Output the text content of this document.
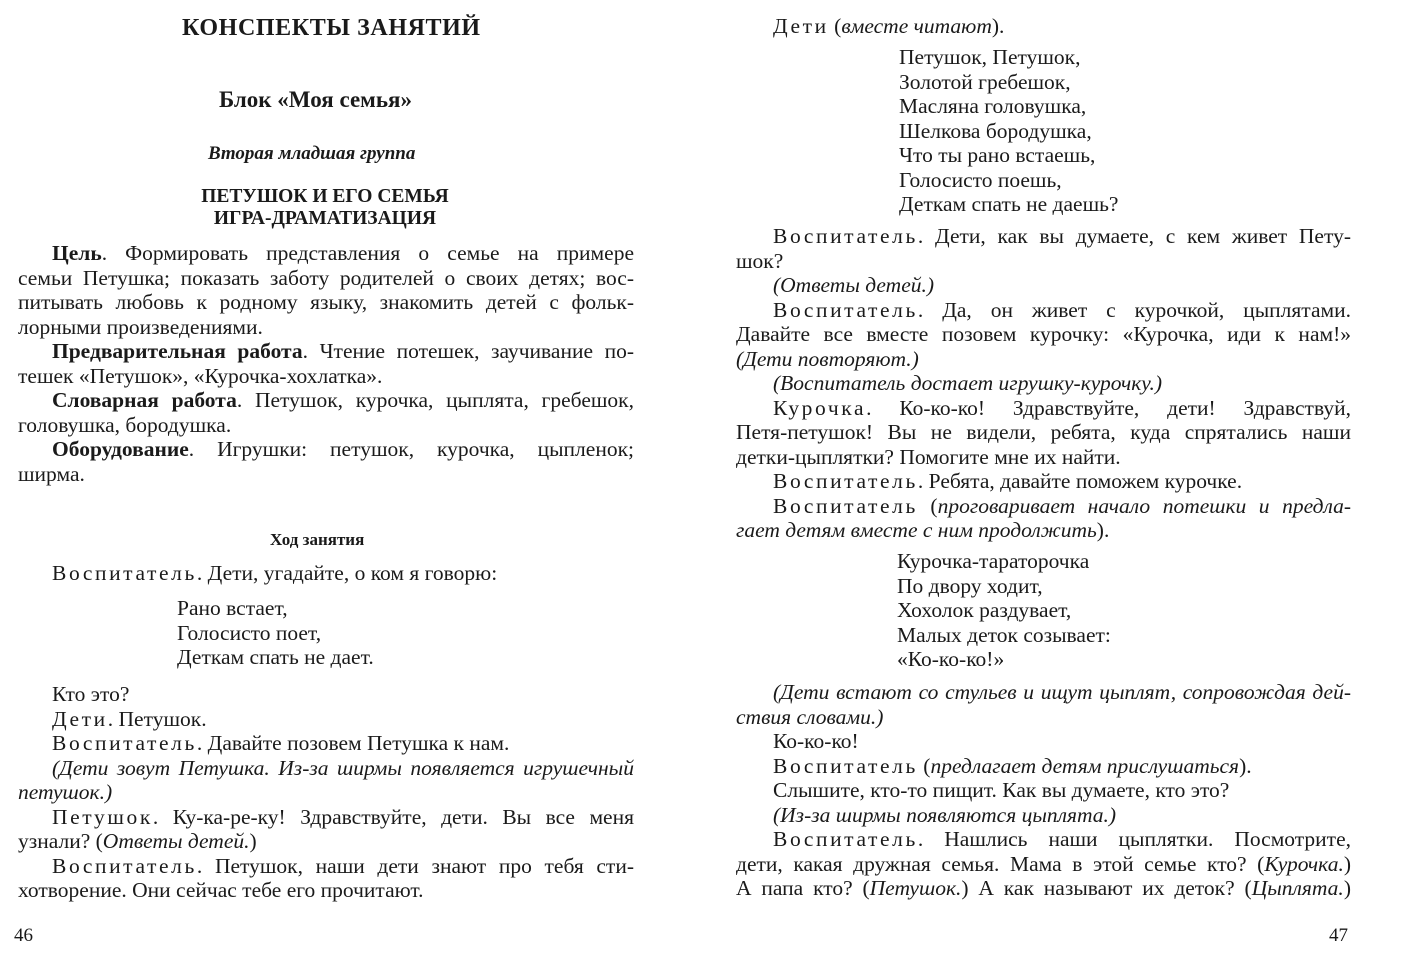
КОНСПЕКТЫ ЗАНЯТИЙ
Блок «Моя семья»
Вторая младшая группа
ПЕТУШОК И ЕГО СЕМЬЯ
ИГРА-ДРАМАТИЗАЦИЯ
Цель. Формировать представления о семье на примере
семьи Петушка; показать заботу родителей о своих детях; вос-
питывать любовь к родному языку, знакомить детей с фольк-
лорными произведениями.
Предварительная работа. Чтение потешек, заучивание по-
тешек «Петушок», «Курочка-хохлатка».
Словарная работа. Петушок, курочка, цыплята, гребешок,
головушка, бородушка.
Оборудование. Игрушки: петушок, курочка, цыпленок;
ширма.
Ход занятия
Воспитатель. Дети, угадайте, о ком я говорю:
Рано встает,
Голосисто поет,
Деткам спать не дает.
Кто это?
Дети. Петушок.
Воспитатель. Давайте позовем Петушка к нам.
(Дети зовут Петушка. Из-за ширмы появляется игрушечный
петушок.)
Петушок. Ку-ка-ре-ку! Здравствуйте, дети. Вы все меня
узнали? (Ответы детей.)
Воспитатель. Петушок, наши дети знают про тебя сти-
хотворение. Они сейчас тебе его прочитают.
46
Дети (вместе читают).
Петушок, Петушок,
Золотой гребешок,
Масляна головушка,
Шелкова бородушка,
Что ты рано встаешь,
Голосисто поешь,
Деткам спать не даешь?
Воспитатель. Дети, как вы думаете, с кем живет Пету-
шок?
(Ответы детей.)
Воспитатель. Да, он живет с курочкой, цыплятами.
Давайте все вместе позовем курочку: «Курочка, иди к нам!»
(Дети повторяют.)
(Воспитатель достает игрушку-курочку.)
Курочка. Ко-ко-ко! Здравствуйте, дети! Здравствуй,
Петя-петушок! Вы не видели, ребята, куда спрятались наши
детки-цыплятки? Помогите мне их найти.
Воспитатель. Ребята, давайте поможем курочке.
Воспитатель (проговаривает начало потешки и предла-
гает детям вместе с ним продолжить).
Курочка-тараторочка
По двору ходит,
Хохолок раздувает,
Малых деток созывает:
«Ко-ко-ко!»
(Дети встают со стульев и ищут цыплят, сопровождая дей-
ствия словами.)
Ко-ко-ко!
Воспитатель (предлагает детям прислушаться).
Слышите, кто-то пищит. Как вы думаете, кто это?
(Из-за ширмы появляются цыплята.)
Воспитатель. Нашлись наши цыплятки. Посмотрите,
дети, какая дружная семья. Мама в этой семье кто? (Курочка.)
А папа кто? (Петушок.) А как называют их деток? (Цыплята.)
47
